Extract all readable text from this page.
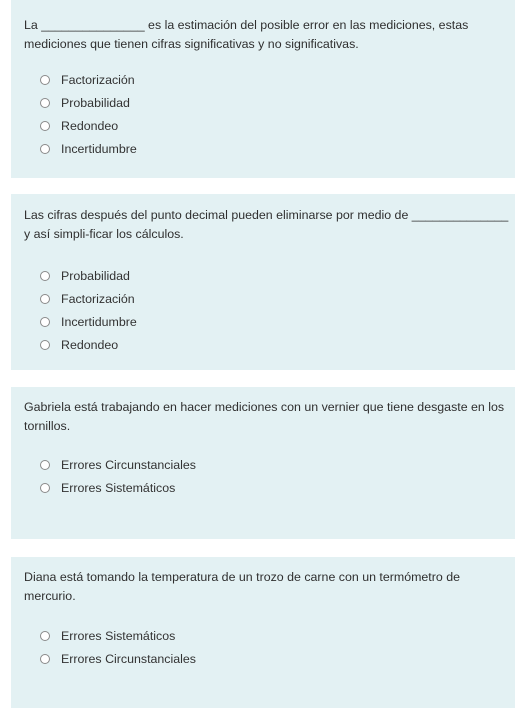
La _______________ es la estimación del posible error en las mediciones, estas mediciones que tienen cifras significativas y no significativas.

Factorización
Probabilidad
Redondeo
Incertidumbre

Las cifras después del punto decimal pueden eliminarse por medio de ______________ y así simpli-ficar los cálculos.

Probabilidad
Factorización
Incertidumbre
Redondeo

Gabriela está trabajando en hacer mediciones con un vernier que tiene desgaste en los tornillos.

Errores Circunstanciales
Errores Sistemáticos

Diana está tomando la temperatura de un trozo de carne con un termómetro de mercurio.

Errores Sistemáticos
Errores Circunstanciales
